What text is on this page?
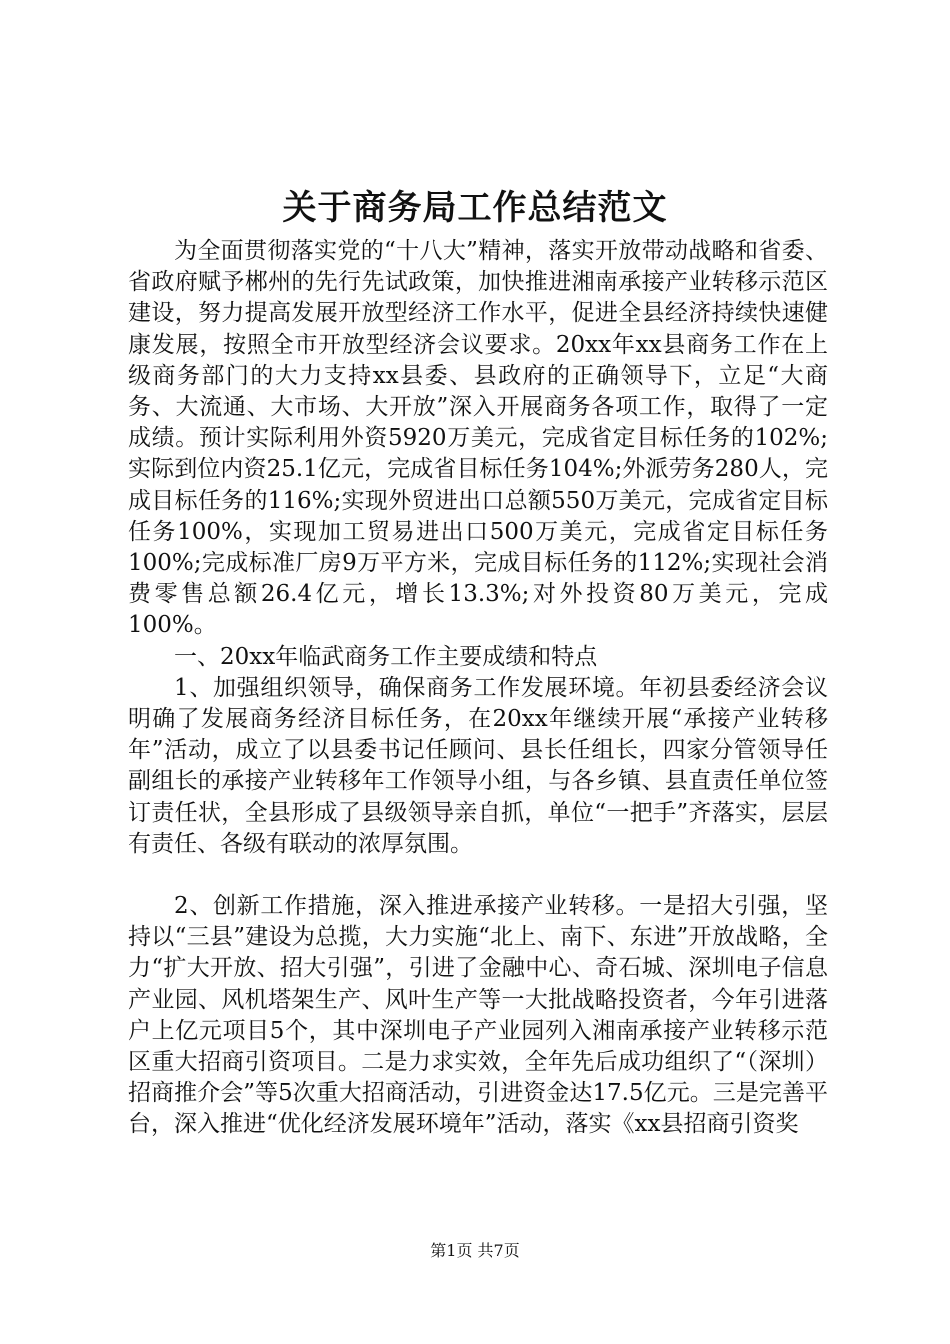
关于商务局工作总结范文

为全面贯彻落实党的“十八大”精神，落实开放带动战略和省委、省政府赋予郴州的先行先试政策，加快推进湘南承接产业转移示范区建设，努力提高发展开放型经济工作水平，促进全县经济持续快速健康发展，按照全市开放型经济会议要求。20xx年xx县商务工作在上级商务部门的大力支持xx县委、县政府的正确领导下，立足“大商务、大流通、大市场、大开放”深入开展商务各项工作，取得了一定成绩。预计实际利用外资5920万美元，完成省定目标任务的102%;实际到位内资25.1亿元，完成省目标任务104%;外派劳务280人，完成目标任务的116%;实现外贸进出口总额550万美元，完成省定目标任务100%，实现加工贸易进出口500万美元，完成省定目标任务100%;完成标准厂房9万平方米，完成目标任务的112%;实现社会消费零售总额26.4亿元，增长13.3%;对外投资80万美元，完成100%。

一、20xx年临武商务工作主要成绩和特点

1、加强组织领导，确保商务工作发展环境。年初县委经济会议明确了发展商务经济目标任务，在20xx年继续开展“承接产业转移年”活动，成立了以县委书记任顾问、县长任组长，四家分管领导任副组长的承接产业转移年工作领导小组，与各乡镇、县直责任单位签订责任状，全县形成了县级领导亲自抓，单位“一把手”齐落实，层层有责任、各级有联动的浓厚氛围。

2、创新工作措施，深入推进承接产业转移。一是招大引强，坚持以“三县”建设为总揽，大力实施“北上、南下、东进”开放战略，全力“扩大开放、招大引强”，引进了金融中心、奇石城、深圳电子信息产业园、风机塔架生产、风叶生产等一大批战略投资者，今年引进落户上亿元项目5个，其中深圳电子产业园列入湘南承接产业转移示范区重大招商引资项目。二是力求实效，全年先后成功组织了“（深圳）招商推介会”等5次重大招商活动，引进资金达17.5亿元。三是完善平台，深入推进“优化经济发展环境年”活动，落实《xx县招商引资奖

第1页 共7页
